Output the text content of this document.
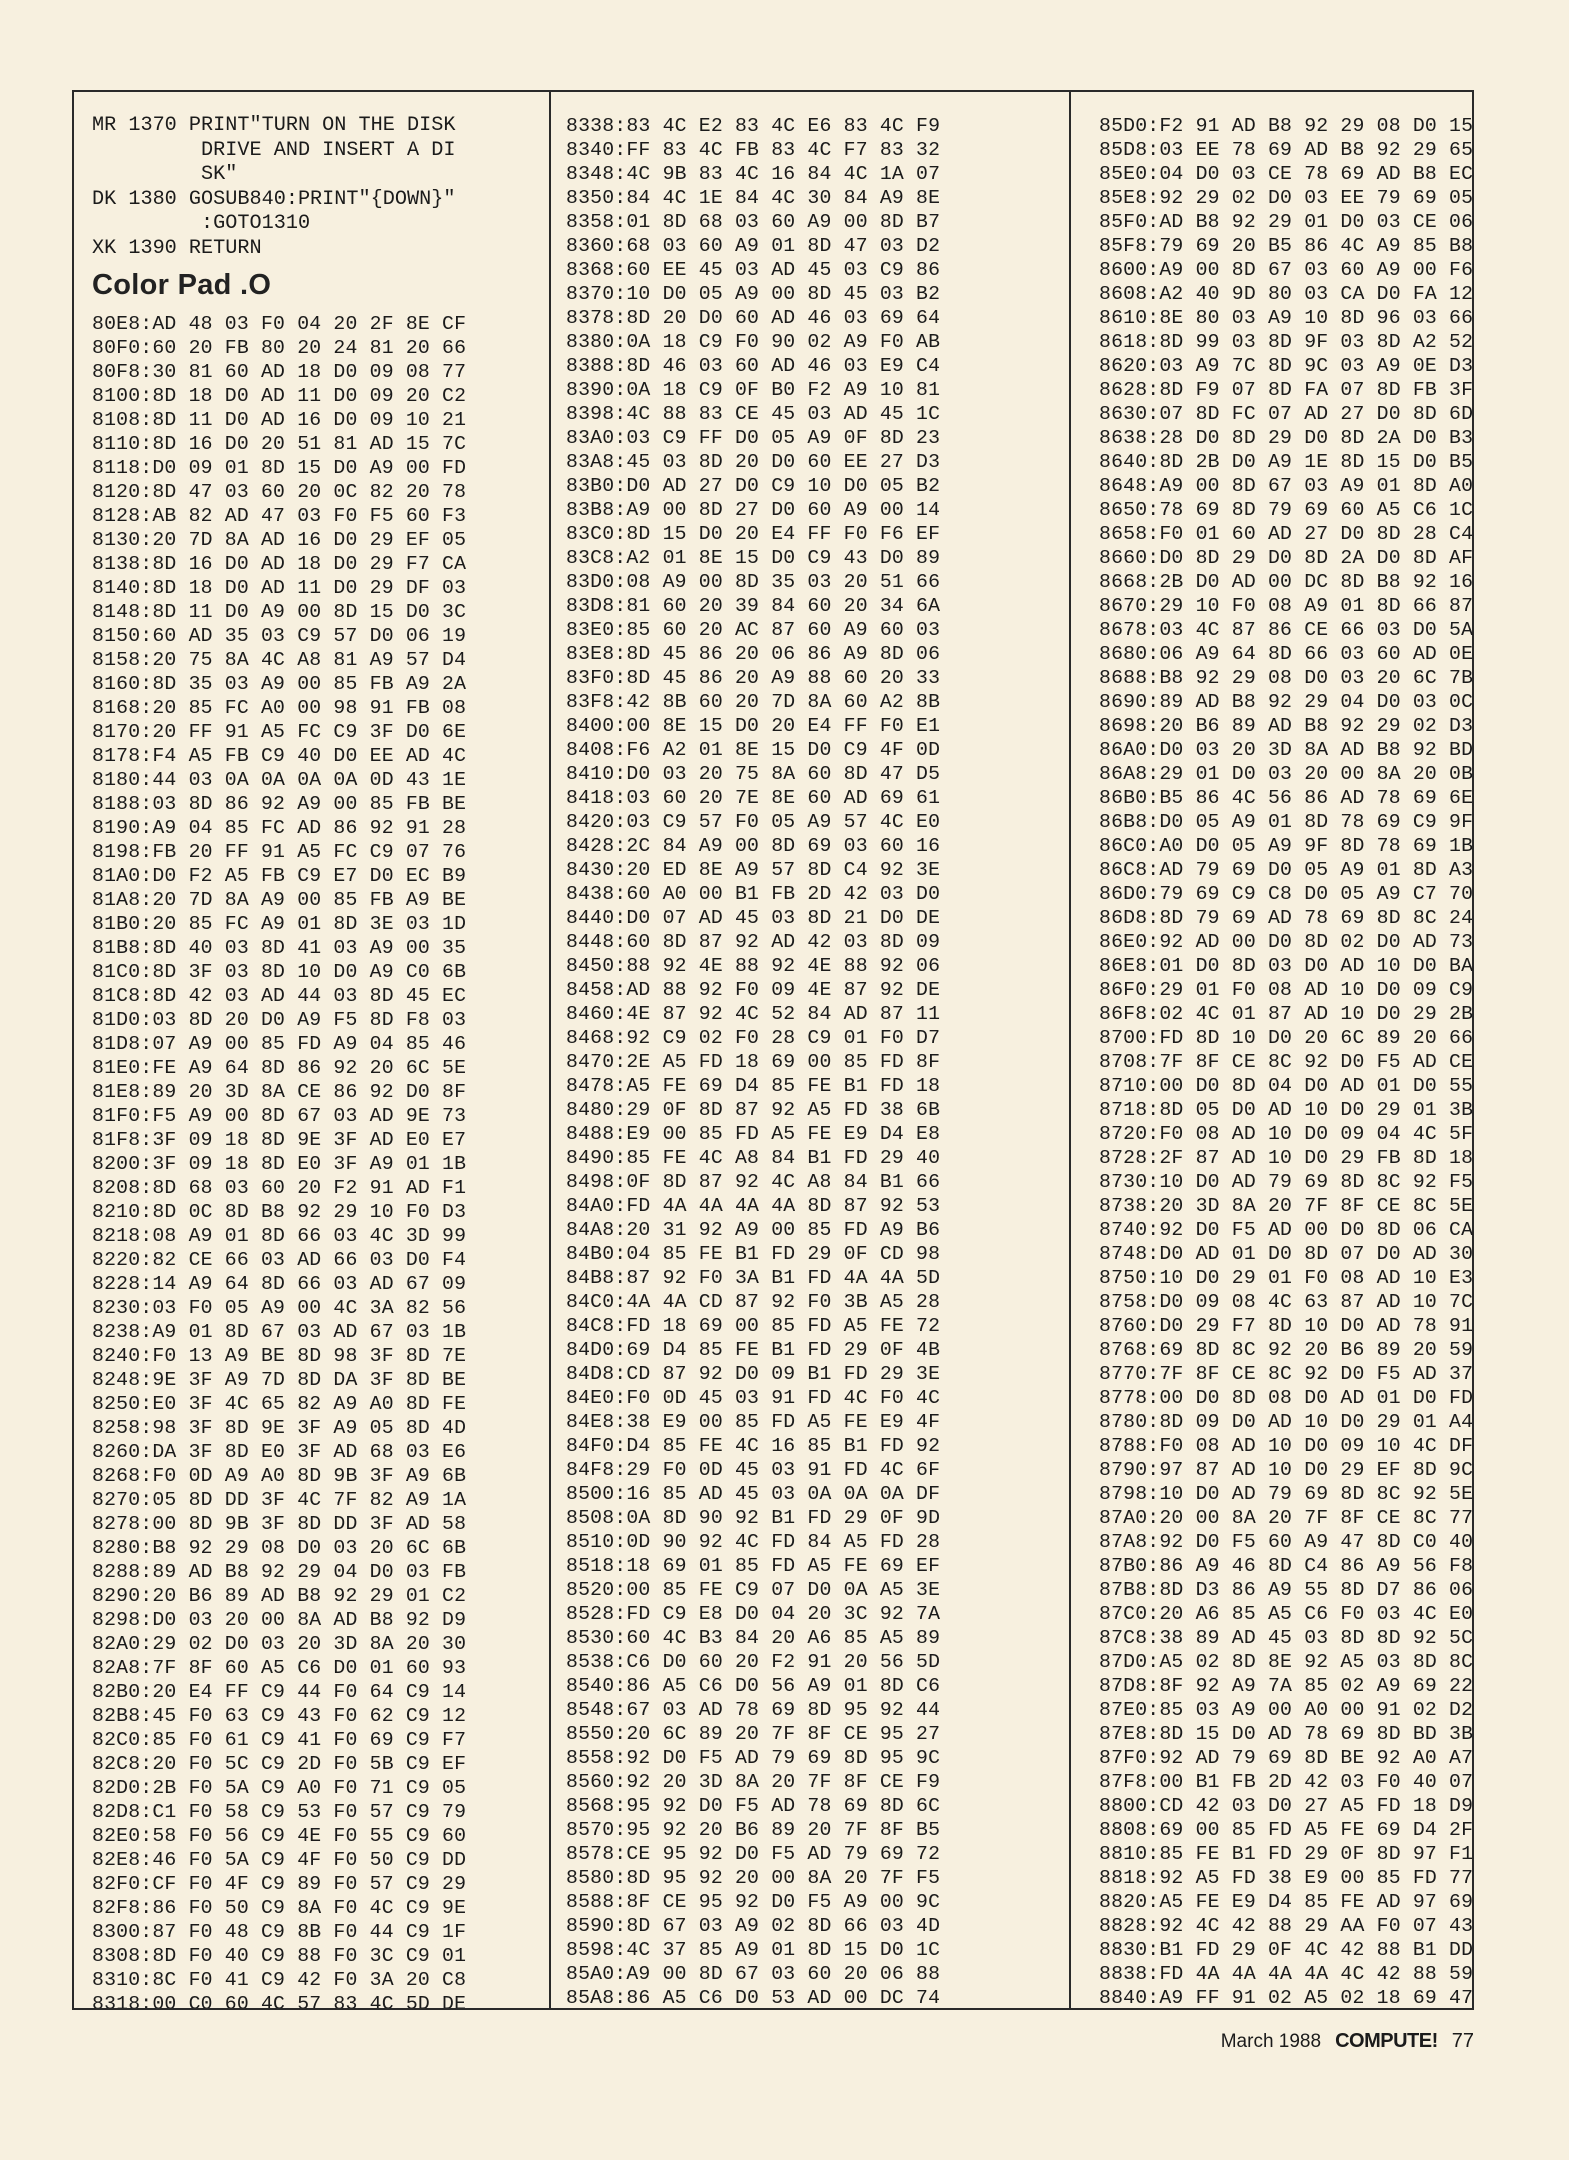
MR 1370 PRINT"TURN ON THE DISK
DRIVE AND INSERT A DI
SK"
DK 1380 GOSUB840:PRINT"{DOWN}"
:GOTO1310
XK 1390 RETURN
Color Pad .O
80E8:AD 48 03 F0 04 20 2F 8E CF
80F0:60 20 FB 80 20 24 81 20 66
80F8:30 81 60 AD 18 D0 09 08 77
8100:8D 18 D0 AD 11 D0 09 20 C2
8108:8D 11 D0 AD 16 D0 09 10 21
8110:8D 16 D0 20 51 81 AD 15 7C
8118:D0 09 01 8D 15 D0 A9 00 FD
8120:8D 47 03 60 20 0C 82 20 78
8128:AB 82 AD 47 03 F0 F5 60 F3
8130:20 7D 8A AD 16 D0 29 EF 05
8138:8D 16 D0 AD 18 D0 29 F7 CA
8140:8D 18 D0 AD 11 D0 29 DF 03
8148:8D 11 D0 A9 00 8D 15 D0 3C
8150:60 AD 35 03 C9 57 D0 06 19
8158:20 75 8A 4C A8 81 A9 57 D4
8160:8D 35 03 A9 00 85 FB A9 2A
8168:20 85 FC A0 00 98 91 FB 08
8170:20 FF 91 A5 FC C9 3F D0 6E
8178:F4 A5 FB C9 40 D0 EE AD 4C
8180:44 03 0A 0A 0A 0A 0D 43 1E
8188:03 8D 86 92 A9 00 85 FB BE
8190:A9 04 85 FC AD 86 92 91 28
8198:FB 20 FF 91 A5 FC C9 07 76
81A0:D0 F2 A5 FB C9 E7 D0 EC B9
81A8:20 7D 8A A9 00 85 FB A9 BE
81B0:20 85 FC A9 01 8D 3E 03 1D
81B8:8D 40 03 8D 41 03 A9 00 35
81C0:8D 3F 03 8D 10 D0 A9 C0 6B
81C8:8D 42 03 AD 44 03 8D 45 EC
81D0:03 8D 20 D0 A9 F5 8D F8 03
81D8:07 A9 00 85 FD A9 04 85 46
81E0:FE A9 64 8D 86 92 20 6C 5E
81E8:89 20 3D 8A CE 86 92 D0 8F
81F0:F5 A9 00 8D 67 03 AD 9E 73
81F8:3F 09 18 8D 9E 3F AD E0 E7
8200:3F 09 18 8D E0 3F A9 01 1B
8208:8D 68 03 60 20 F2 91 AD F1
8210:8D 0C 8D B8 92 29 10 F0 D3
8218:08 A9 01 8D 66 03 4C 3D 99
8220:82 CE 66 03 AD 66 03 D0 F4
8228:14 A9 64 8D 66 03 AD 67 09
8230:03 F0 05 A9 00 4C 3A 82 56
8238:A9 01 8D 67 03 AD 67 03 1B
8240:F0 13 A9 BE 8D 98 3F 8D 7E
8248:9E 3F A9 7D 8D DA 3F 8D BE
8250:E0 3F 4C 65 82 A9 A0 8D FE
8258:98 3F 8D 9E 3F A9 05 8D 4D
8260:DA 3F 8D E0 3F AD 68 03 E6
8268:F0 0D A9 A0 8D 9B 3F A9 6B
8270:05 8D DD 3F 4C 7F 82 A9 1A
8278:00 8D 9B 3F 8D DD 3F AD 58
8280:B8 92 29 08 D0 03 20 6C 6B
8288:89 AD B8 92 29 04 D0 03 FB
8290:20 B6 89 AD B8 92 29 01 C2
8298:D0 03 20 00 8A AD B8 92 D9
82A0:29 02 D0 03 20 3D 8A 20 30
82A8:7F 8F 60 A5 C6 D0 01 60 93
82B0:20 E4 FF C9 44 F0 64 C9 14
82B8:45 F0 63 C9 43 F0 62 C9 12
82C0:85 F0 61 C9 41 F0 69 C9 F7
82C8:20 F0 5C C9 2D F0 5B C9 EF
82D0:2B F0 5A C9 A0 F0 71 C9 05
82D8:C1 F0 58 C9 53 F0 57 C9 79
82E0:58 F0 56 C9 4E F0 55 C9 60
82E8:46 F0 5A C9 4F F0 50 C9 DD
82F0:CF F0 4F C9 89 F0 57 C9 29
82F8:86 F0 50 C9 8A F0 4C C9 9E
8300:87 F0 48 C9 8B F0 44 C9 1F
8308:8D F0 40 C9 88 F0 3C C9 01
8310:8C F0 41 C9 42 F0 3A 20 C8
8318:00 C0 60 4C 57 83 4C 5D DE
8338:83 4C E2 83 4C E6 83 4C F9
8340:FF 83 4C FB 83 4C F7 83 32
8348:4C 9B 83 4C 16 84 4C 1A 07
8350:84 4C 1E 84 4C 30 84 A9 8E
8358:01 8D 68 03 60 A9 00 8D B7
8360:68 03 60 A9 01 8D 47 03 D2
8368:60 EE 45 03 AD 45 03 C9 86
8370:10 D0 05 A9 00 8D 45 03 B2
8378:8D 20 D0 60 AD 46 03 69 64
8380:0A 18 C9 F0 90 02 A9 F0 AB
8388:8D 46 03 60 AD 46 03 E9 C4
8390:0A 18 C9 0F B0 F2 A9 10 81
8398:4C 88 83 CE 45 03 AD 45 1C
83A0:03 C9 FF D0 05 A9 0F 8D 23
83A8:45 03 8D 20 D0 60 EE 27 D3
83B0:D0 AD 27 D0 C9 10 D0 05 B2
83B8:A9 00 8D 27 D0 60 A9 00 14
83C0:8D 15 D0 20 E4 FF F0 F6 EF
83C8:A2 01 8E 15 D0 C9 43 D0 89
83D0:08 A9 00 8D 35 03 20 51 66
83D8:81 60 20 39 84 60 20 34 6A
83E0:85 60 20 AC 87 60 A9 60 03
83E8:8D 45 86 20 06 86 A9 8D 06
83F0:8D 45 86 20 A9 88 60 20 33
83F8:42 8B 60 20 7D 8A 60 A2 8B
8400:00 8E 15 D0 20 E4 FF F0 E1
8408:F6 A2 01 8E 15 D0 C9 4F 0D
8410:D0 03 20 75 8A 60 8D 47 D5
8418:03 60 20 7E 8E 60 AD 69 61
8420:03 C9 57 F0 05 A9 57 4C E0
8428:2C 84 A9 00 8D 69 03 60 16
8430:20 ED 8E A9 57 8D C4 92 3E
8438:60 A0 00 B1 FB 2D 42 03 D0
8440:D0 07 AD 45 03 8D 21 D0 DE
8448:60 8D 87 92 AD 42 03 8D 09
8450:88 92 4E 88 92 4E 88 92 06
8458:AD 88 92 F0 09 4E 87 92 DE
8460:4E 87 92 4C 52 84 AD 87 11
8468:92 C9 02 F0 28 C9 01 F0 D7
8470:2E A5 FD 18 69 00 85 FD 8F
8478:A5 FE 69 D4 85 FE B1 FD 18
8480:29 0F 8D 87 92 A5 FD 38 6B
8488:E9 00 85 FD A5 FE E9 D4 E8
8490:85 FE 4C A8 84 B1 FD 29 40
8498:0F 8D 87 92 4C A8 84 B1 66
84A0:FD 4A 4A 4A 4A 8D 87 92 53
84A8:20 31 92 A9 00 85 FD A9 B6
84B0:04 85 FE B1 FD 29 0F CD 98
84B8:87 92 F0 3A B1 FD 4A 4A 5D
84C0:4A 4A CD 87 92 F0 3B A5 28
84C8:FD 18 69 00 85 FD A5 FE 72
84D0:69 D4 85 FE B1 FD 29 0F 4B
84D8:CD 87 92 D0 09 B1 FD 29 3E
84E0:F0 0D 45 03 91 FD 4C F0 4C
84E8:38 E9 00 85 FD A5 FE E9 4F
84F0:D4 85 FE 4C 16 85 B1 FD 92
84F8:29 F0 0D 45 03 91 FD 4C 6F
8500:16 85 AD 45 03 0A 0A 0A DF
8508:0A 8D 90 92 B1 FD 29 0F 9D
8510:0D 90 92 4C FD 84 A5 FD 28
8518:18 69 01 85 FD A5 FE 69 EF
8520:00 85 FE C9 07 D0 0A A5 3E
8528:FD C9 E8 D0 04 20 3C 92 7A
8530:60 4C B3 84 20 A6 85 A5 89
8538:C6 D0 60 20 F2 91 20 56 5D
8540:86 A5 C6 D0 56 A9 01 8D C6
8548:67 03 AD 78 69 8D 95 92 44
8550:20 6C 89 20 7F 8F CE 95 27
8558:92 D0 F5 AD 79 69 8D 95 9C
8560:92 20 3D 8A 20 7F 8F CE F9
8568:95 92 D0 F5 AD 78 69 8D 6C
8570:95 92 20 B6 89 20 7F 8F B5
8578:CE 95 92 D0 F5 AD 79 69 72
8580:8D 95 92 20 00 8A 20 7F F5
8588:8F CE 95 92 D0 F5 A9 00 9C
8590:8D 67 03 A9 02 8D 66 03 4D
8598:4C 37 85 A9 01 8D 15 D0 1C
85A0:A9 00 8D 67 03 60 20 06 88
85A8:86 A5 C6 D0 53 AD 00 DC 74
85D0:F2 91 AD B8 92 29 08 D0 15
85D8:03 EE 78 69 AD B8 92 29 65
85E0:04 D0 03 CE 78 69 AD B8 EC
85E8:92 29 02 D0 03 EE 79 69 05
85F0:AD B8 92 29 01 D0 03 CE 06
85F8:79 69 20 B5 86 4C A9 85 B8
8600:A9 00 8D 67 03 60 A9 00 F6
8608:A2 40 9D 80 03 CA D0 FA 12
8610:8E 80 03 A9 10 8D 96 03 66
8618:8D 99 03 8D 9F 03 8D A2 52
8620:03 A9 7C 8D 9C 03 A9 0E D3
8628:8D F9 07 8D FA 07 8D FB 3F
8630:07 8D FC 07 AD 27 D0 8D 6D
8638:28 D0 8D 29 D0 8D 2A D0 B3
8640:8D 2B D0 A9 1E 8D 15 D0 B5
8648:A9 00 8D 67 03 A9 01 8D A0
8650:78 69 8D 79 69 60 A5 C6 1C
8658:F0 01 60 AD 27 D0 8D 28 C4
8660:D0 8D 29 D0 8D 2A D0 8D AF
8668:2B D0 AD 00 DC 8D B8 92 16
8670:29 10 F0 08 A9 01 8D 66 87
8678:03 4C 87 86 CE 66 03 D0 5A
8680:06 A9 64 8D 66 03 60 AD 0E
8688:B8 92 29 08 D0 03 20 6C 7B
8690:89 AD B8 92 29 04 D0 03 0C
8698:20 B6 89 AD B8 92 29 02 D3
86A0:D0 03 20 3D 8A AD B8 92 BD
86A8:29 01 D0 03 20 00 8A 20 0B
86B0:B5 86 4C 56 86 AD 78 69 6E
86B8:D0 05 A9 01 8D 78 69 C9 9F
86C0:A0 D0 05 A9 9F 8D 78 69 1B
86C8:AD 79 69 D0 05 A9 01 8D A3
86D0:79 69 C9 C8 D0 05 A9 C7 70
86D8:8D 79 69 AD 78 69 8D 8C 24
86E0:92 AD 00 D0 8D 02 D0 AD 73
86E8:01 D0 8D 03 D0 AD 10 D0 BA
86F0:29 01 F0 08 AD 10 D0 09 C9
86F8:02 4C 01 87 AD 10 D0 29 2B
8700:FD 8D 10 D0 20 6C 89 20 66
8708:7F 8F CE 8C 92 D0 F5 AD CE
8710:00 D0 8D 04 D0 AD 01 D0 55
8718:8D 05 D0 AD 10 D0 29 01 3B
8720:F0 08 AD 10 D0 09 04 4C 5F
8728:2F 87 AD 10 D0 29 FB 8D 18
8730:10 D0 AD 79 69 8D 8C 92 F5
8738:20 3D 8A 20 7F 8F CE 8C 5E
8740:92 D0 F5 AD 00 D0 8D 06 CA
8748:D0 AD 01 D0 8D 07 D0 AD 30
8750:10 D0 29 01 F0 08 AD 10 E3
8758:D0 09 08 4C 63 87 AD 10 7C
8760:D0 29 F7 8D 10 D0 AD 78 91
8768:69 8D 8C 92 20 B6 89 20 59
8770:7F 8F CE 8C 92 D0 F5 AD 37
8778:00 D0 8D 08 D0 AD 01 D0 FD
8780:8D 09 D0 AD 10 D0 29 01 A4
8788:F0 08 AD 10 D0 09 10 4C DF
8790:97 87 AD 10 D0 29 EF 8D 9C
8798:10 D0 AD 79 69 8D 8C 92 5E
87A0:20 00 8A 20 7F 8F CE 8C 77
87A8:92 D0 F5 60 A9 47 8D C0 40
87B0:86 A9 46 8D C4 86 A9 56 F8
87B8:8D D3 86 A9 55 8D D7 86 06
87C0:20 A6 85 A5 C6 F0 03 4C E0
87C8:38 89 AD 45 03 8D 8D 92 5C
87D0:A5 02 8D 8E 92 A5 03 8D 8C
87D8:8F 92 A9 7A 85 02 A9 69 22
87E0:85 03 A9 00 A0 00 91 02 D2
87E8:8D 15 D0 AD 78 69 8D BD 3B
87F0:92 AD 79 69 8D BE 92 A0 A7
87F8:00 B1 FB 2D 42 03 F0 40 07
8800:CD 42 03 D0 27 A5 FD 18 D9
8808:69 00 85 FD A5 FE 69 D4 2F
8810:85 FE B1 FD 29 0F 8D 97 F1
8818:92 A5 FD 38 E9 00 85 FD 77
8820:A5 FE E9 D4 85 FE AD 97 69
8828:92 4C 42 88 29 AA F0 07 43
8830:B1 FD 29 0F 4C 42 88 B1 DD
8838:FD 4A 4A 4A 4A 4C 42 88 59
8840:A9 FF 91 02 A5 02 18 69 47
March 1988 COMPUTE! 77
